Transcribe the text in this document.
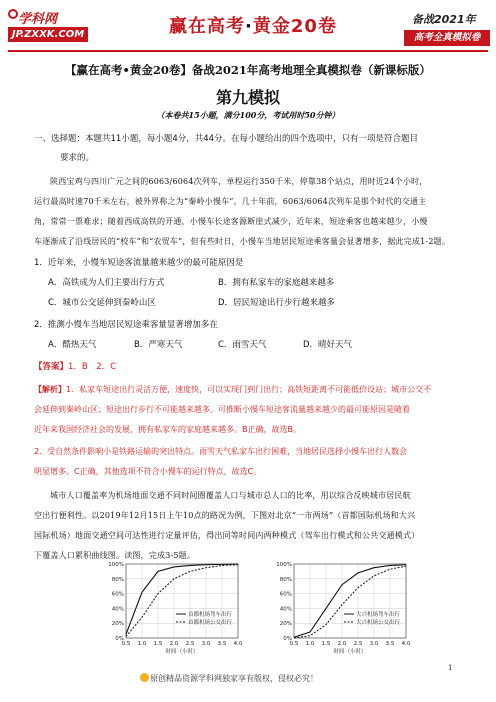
学科网
JP.ZXXK.COM	赢在高考·黄金20卷	备战2021年
高考全真模拟卷
【赢在高考•黄金20卷】备战2021年高考地理全真模拟卷（新课标版）
第九模拟
（本卷共15小题，满分100分，考试用时50分钟）
一、选择题：本题共11小题，每小题4分，共44分。在每小题给出的四个选项中，只有一项是符合题目
要求的。
陕西宝鸡与四川广元之间的6063/6064次列车，单程运行350千米，停靠38个站点，用时近24个小时，
运行最高时速70千米左右，被外界称之为“秦岭小慢车”。几十年前，6063/6064次列车是那个时代的交通主
角，常常一票难求；随着西成高铁的开通，小慢车长途客源断崖式减少，近年来，短途乘客也越来越少，小慢
车逐渐成了沿线居民的“校车”和“农贸车”，但有些时日，小慢车当地居民短途乘客量会显著增多，据此完成1-2题。
1．近年来，小慢车短途客流量越来越少的最可能原因是
A．高铁成为人们主要出行方式	B．拥有私家车的家庭越来越多
C．城市公交延伸到秦岭山区	D．居民短途出行步行越来越多
2．推测小慢车当地居民短途乘客量显著增加多在
A．酷热天气	B．严寒天气	C．雨雪天气	D．晴好天气
【答案】1．B　2．C
【解析】1．私家车短途出行灵活方便，速度快，可以实现门到门出行；高铁短距离不可能低价设站；城市公交不
会延伸到秦岭山区；短途出行步行不可能越来越多。可推断小慢车短途客流量越来越少的最可能原因是随着
近年来我国经济社会的发展，拥有私家车的家庭越来越多。B正确，故选B。
2．受自然条件影响小是铁路运输的突出特点。雨雪天气私家车出行困难，当地居民选择小慢车出行人数会
明显增多。C正确，其他选项不符合小慢车的运行特点，故选C。
城市人口覆盖率为机场地面交通不同时间圈覆盖人口与城市总人口的比率，用以综合反映城市居民航
空出行便利性。以2019年12月15日上午10点的路况为例，下图对北京“一市两场”（首都国际机场和大兴
国际机场）地面交通空间可达性进行定量评估，得出同等时间内两种模式（驾车出行模式和公共交通模式）
下覆盖人口累积曲线图。读图，完成3-5题。
0%
20%
40%
60%
80%
100%
0.5 1.0 1.5 2.0 2.5 3.0 3.5 4.0
时间（小时）
首都机场驾车出行
首都机场公交出行
0%
20%
40%
60%
80%
100%
0.5 1.0 1.5 2.0 2.5 3.0 3.5 4.0
时间（小时）
大兴机场驾车出行
大兴机场公交出行
原创精品资源学科网独家享有版权，侵权必究！
1
